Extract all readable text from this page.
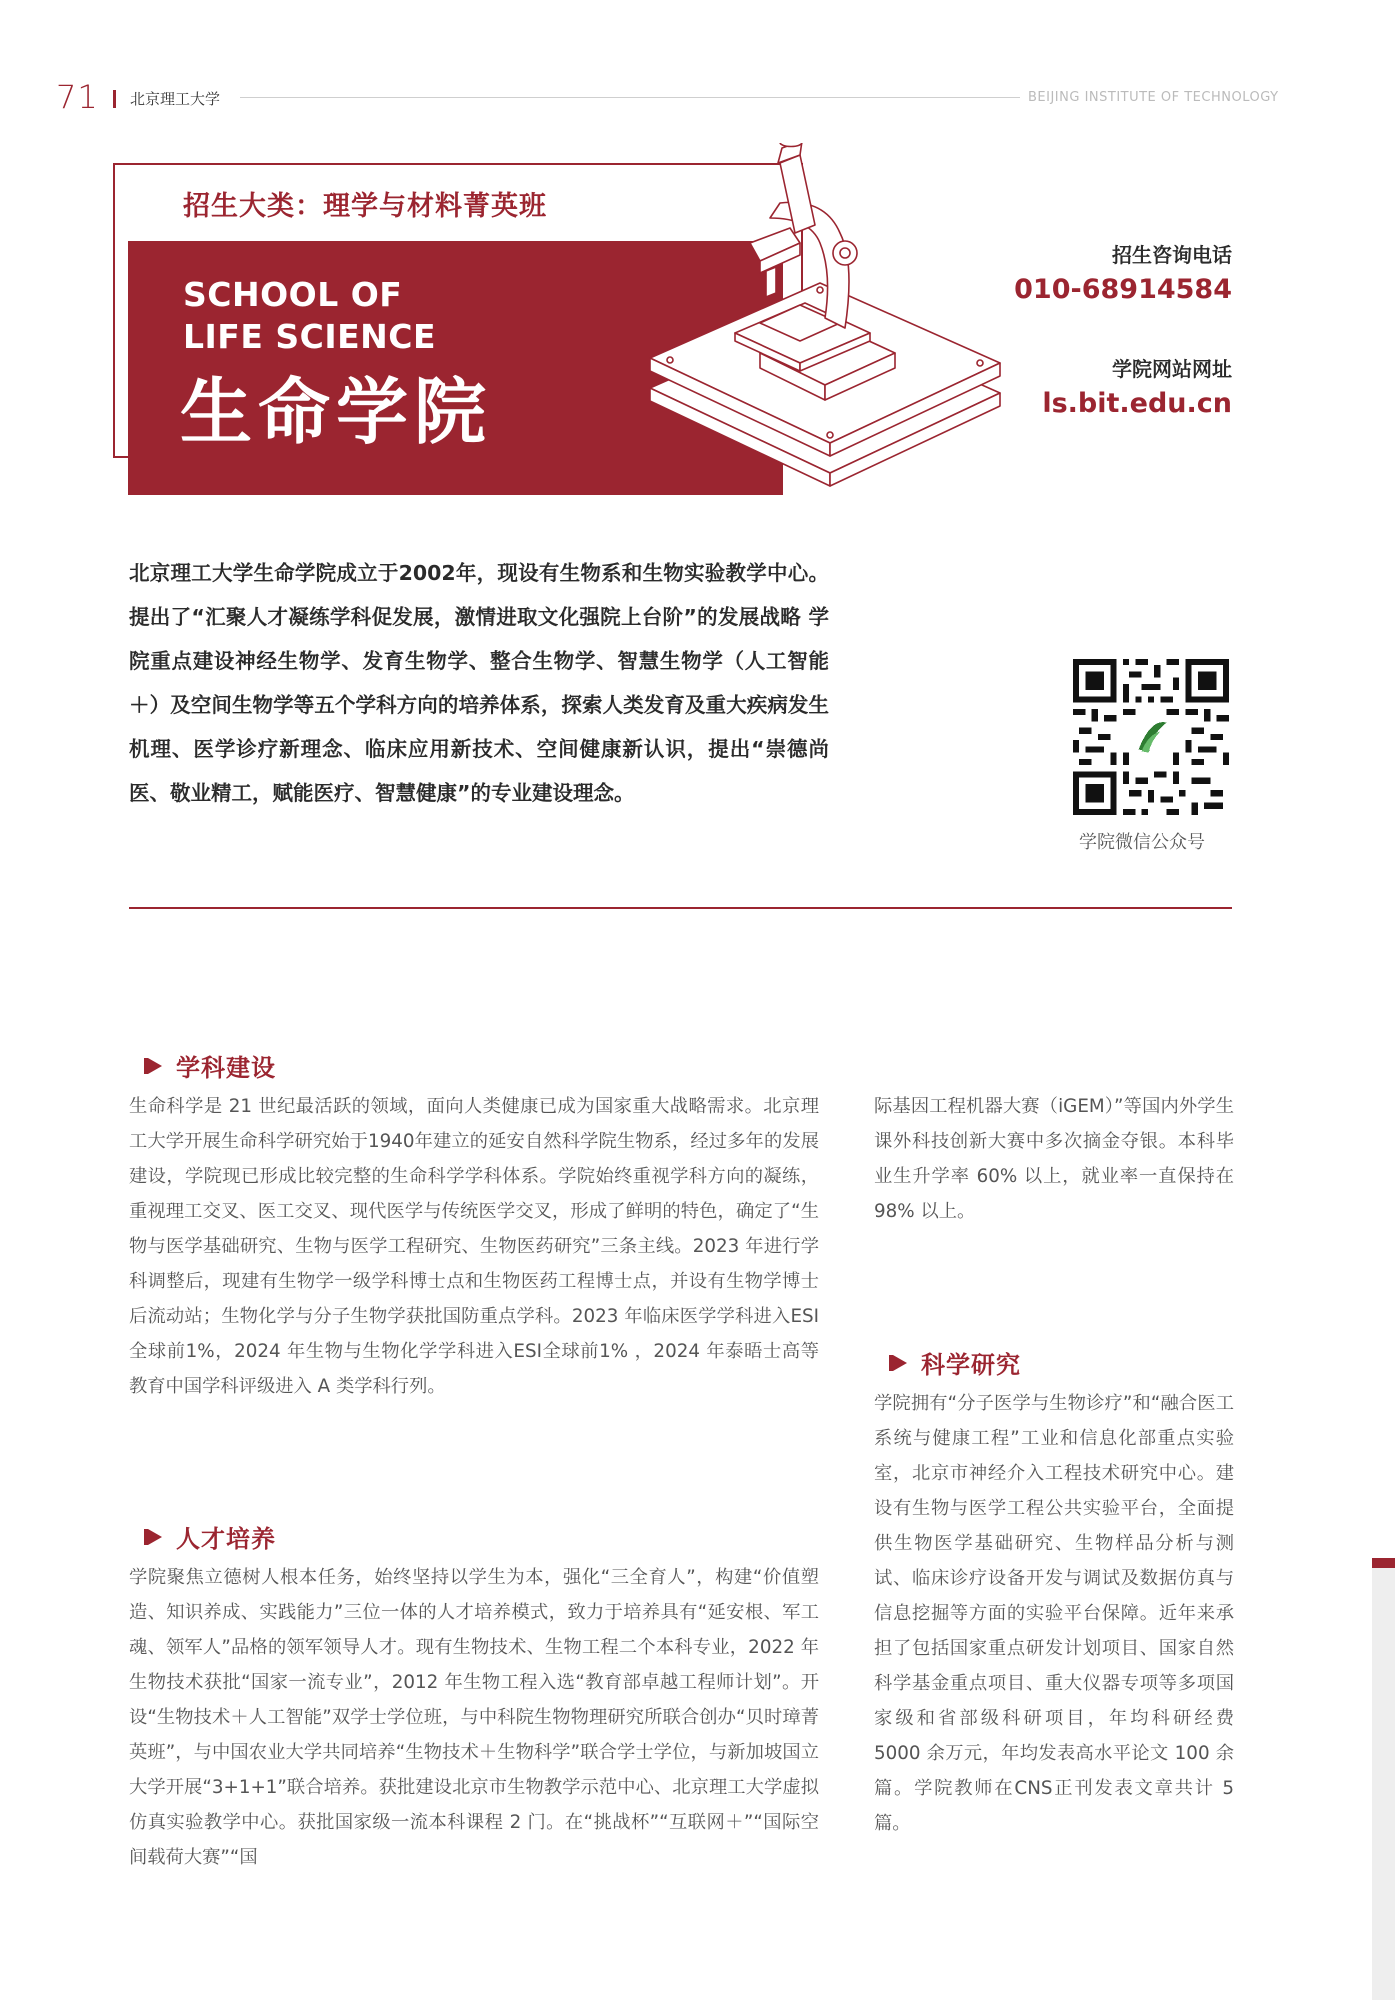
71 北京理工大学	BEIJING INSTITUTE OF TECHNOLOGY
招生大类：理学与材料菁英班
SCHOOL OF
LIFE SCIENCE
生命学院
招生咨询电话
010-68914584
学院网站网址
ls.bit.edu.cn
北京理工大学生命学院成立于2002年，现设有生物系和生物实验教学中心。提出了“汇聚人才凝练学科促发展，激情进取文化强院上台阶”的发展战略 学院重点建设神经生物学、发育生物学、整合生物学、智慧生物学（人工智能＋）及空间生物学等五个学科方向的培养体系，探索人类发育及重大疾病发生机理、医学诊疗新理念、临床应用新技术、空间健康新认识，提出“崇德尚医、敬业精工，赋能医疗、智慧健康”的专业建设理念。
学院微信公众号
学科建设
生命科学是 21 世纪最活跃的领域，面向人类健康已成为国家重大战略需求。北京理工大学开展生命科学研究始于1940年建立的延安自然科学院生物系，经过多年的发展建设，学院现已形成比较完整的生命科学学科体系。学院始终重视学科方向的凝练，重视理工交叉、医工交叉、现代医学与传统医学交叉，形成了鲜明的特色，确定了“生物与医学基础研究、生物与医学工程研究、生物医药研究”三条主线。2023 年进行学科调整后，现建有生物学一级学科博士点和生物医药工程博士点，并设有生物学博士后流动站；生物化学与分子生物学获批国防重点学科。2023 年临床医学学科进入ESI全球前1%，2024 年生物与生物化学学科进入ESI全球前1% ，2024 年泰晤士高等教育中国学科评级进入 A 类学科行列。
人才培养
学院聚焦立德树人根本任务，始终坚持以学生为本，强化“三全育人”，构建“价值塑造、知识养成、实践能力”三位一体的人才培养模式，致力于培养具有“延安根、军工魂、领军人”品格的领军领导人才。现有生物技术、生物工程二个本科专业，2022 年生物技术获批“国家一流专业”，2012 年生物工程入选“教育部卓越工程师计划”。开设“生物技术＋人工智能”双学士学位班，与中科院生物物理研究所联合创办“贝时璋菁英班”，与中国农业大学共同培养“生物技术＋生物科学”联合学士学位，与新加坡国立大学开展“3+1+1”联合培养。获批建设北京市生物教学示范中心、北京理工大学虚拟仿真实验教学中心。获批国家级一流本科课程 2 门。在“挑战杯”“互联网＋”“国际空间载荷大赛”“国
际基因工程机器大赛（iGEM）”等国内外学生课外科技创新大赛中多次摘金夺银。本科毕业生升学率 60% 以上，就业率一直保持在 98% 以上。
科学研究
学院拥有“分子医学与生物诊疗”和“融合医工系统与健康工程”工业和信息化部重点实验室，北京市神经介入工程技术研究中心。建设有生物与医学工程公共实验平台，全面提供生物医学基础研究、生物样品分析与测试、临床诊疗设备开发与调试及数据仿真与信息挖掘等方面的实验平台保障。近年来承担了包括国家重点研发计划项目、国家自然科学基金重点项目、重大仪器专项等多项国家级和省部级科研项目，年均科研经费 5000 余万元，年均发表高水平论文 100 余篇。学院教师在CNS正刊发表文章共计 5 篇。
